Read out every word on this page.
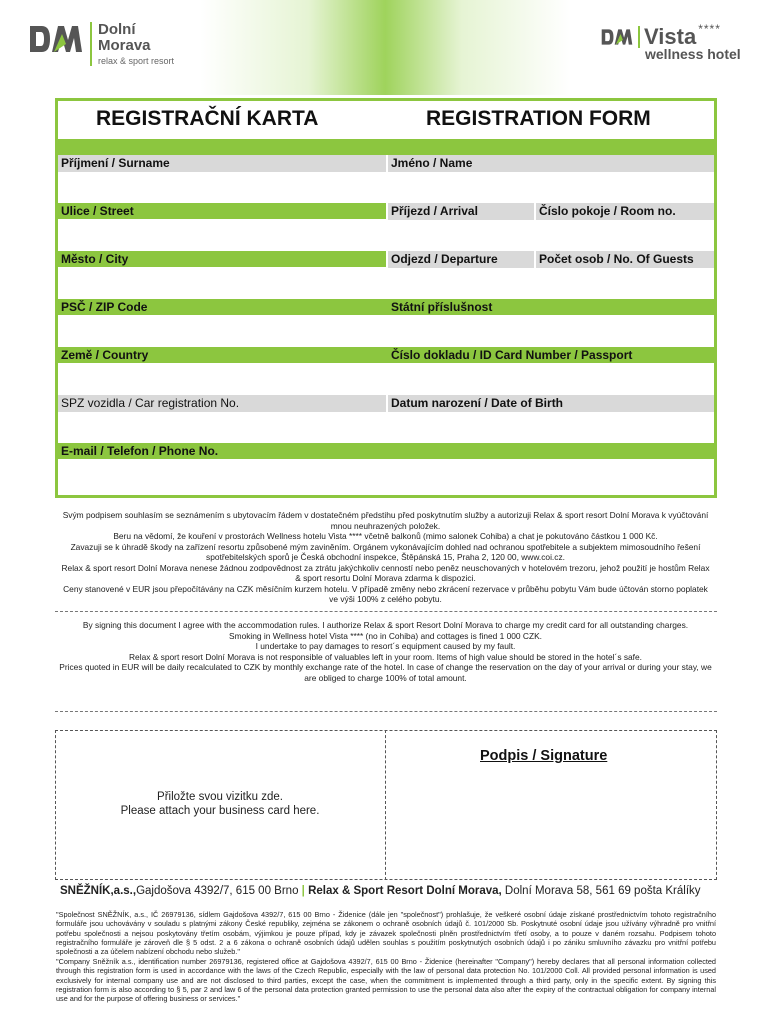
Dolní
Morava
relax & sport resort
Vista ****
wellness hotel
REGISTRAČNÍ KARTA	REGISTRATION FORM
Příjmení / Surname	Jméno / Name
Ulice / Street	Příjezd / Arrival	Číslo pokoje / Room no.
Město / City	Odjezd / Departure	Počet osob / No. Of Guests
PSČ / ZIP Code	Státní příslušnost
Země / Country	Číslo dokladu / ID Card Number / Passport
SPZ vozidla / Car registration No.	Datum narození / Date of Birth
E-mail / Telefon / Phone No.

Svým podpisem souhlasím se seznámením s ubytovacím řádem v dostatečném předstihu před poskytnutím služby a autorizuji Relax & sport resort Dolní Morava k vyúčtování mnou neuhrazených položek.

Beru na vědomí, že kouření v prostorách Wellness hotelu Vista **** včetně balkonů (mimo salonek Cohiba) a chat je pokutováno částkou 1 000 Kč.

Zavazuji se k úhradě škody na zařízení resortu způsobené mým zaviněním. Orgánem vykonávajícím dohled nad ochranou spotřebitele a subjektem mimosoudního řešení spotřebitelských sporů je Česká obchodní inspekce, Štěpánská 15, Praha 2, 120 00, www.coi.cz.

Relax & sport resort Dolní Morava nenese žádnou zodpovědnost za ztrátu jakýchkoliv cenností nebo peněz neuschovaných v hotelovém trezoru, jehož použití je hostům Relax & sport resortu Dolní Morava zdarma k dispozici.

Ceny stanovené v EUR jsou přepočítávány na CZK měsíčním kurzem hotelu. V případě změny nebo zkrácení rezervace v průběhu pobytu Vám bude účtován storno poplatek ve výši 100% z celého pobytu.

By signing this document I agree with the accommodation rules. I authorize Relax & sport Resort Dolní Morava to charge my credit card for all outstanding charges.

Smoking in Wellness hotel Vista **** (no in Cohiba) and cottages is fined 1 000 CZK.

I undertake to pay damages to resort´s equipment caused by my fault.

Relax & sport resort Dolní Morava is not responsible of valuables left in your room. Items of high value should be stored in the hotel´s safe.

Prices quoted in EUR will be daily recalculated to CZK by monthly exchange rate of the hotel. In case of change the reservation on the day of your arrival or during your stay, we are obliged to charge 100% of total amount.

Přiložte svou vizitku zde.
Please attach your business card here.
Podpis / Signature
SNĚŽNÍK,a.s.,Gajdošova 4392/7, 615 00 Brno | Relax & Sport Resort Dolní Morava, Dolní Morava 58, 561 69 pošta Králíky
"Společnost SNĚŽNÍK, a.s., IČ 26979136, sídlem Gajdošova 4392/7, 615 00 Brno - Židenice (dále jen "společnost") prohlašuje, že veškeré osobní údaje získané prostřednictvím tohoto registračního formuláře jsou uchovávány v souladu s platnými zákony České republiky, zejména se zákonem o ochraně osobních údajů č. 101/2000 Sb. Poskytnuté osobní údaje jsou užívány výhradně pro vnitřní potřebu společnosti a nejsou poskytovány třetím osobám, výjimkou je pouze případ, kdy je závazek společnosti plněn prostřednictvím třetí osoby, a to pouze v daném rozsahu. Podpisem tohoto registračního formuláře je zároveň dle § 5 odst. 2 a 6 zákona o ochraně osobních údajů udělen souhlas s použitím poskytnutých osobních údajů i po zániku smluvního závazku pro vnitřní potřebu společnosti a za účelem nabízení obchodu nebo služeb."
"Company Sněžník a.s., identification number 26979136, registered office at Gajdošova 4392/7, 615 00 Brno - Židenice (hereinafter "Company") hereby declares that all personal information collected through this registration form is used in accordance with the laws of the Czech Republic, especially with the law of personal data protection No. 101/2000 Coll. All provided personal information is used exclusively for internal company use and are not disclosed to third parties, except the case, when the commitment is implemented through a third party, only in the specific extent. By signing this registration form is also according to § 5, par 2 and law 6 of the personal data protection granted permission to use the personal data also after the expiry of the contractual obligation for company internal use and for the purpose of offering business or services."
